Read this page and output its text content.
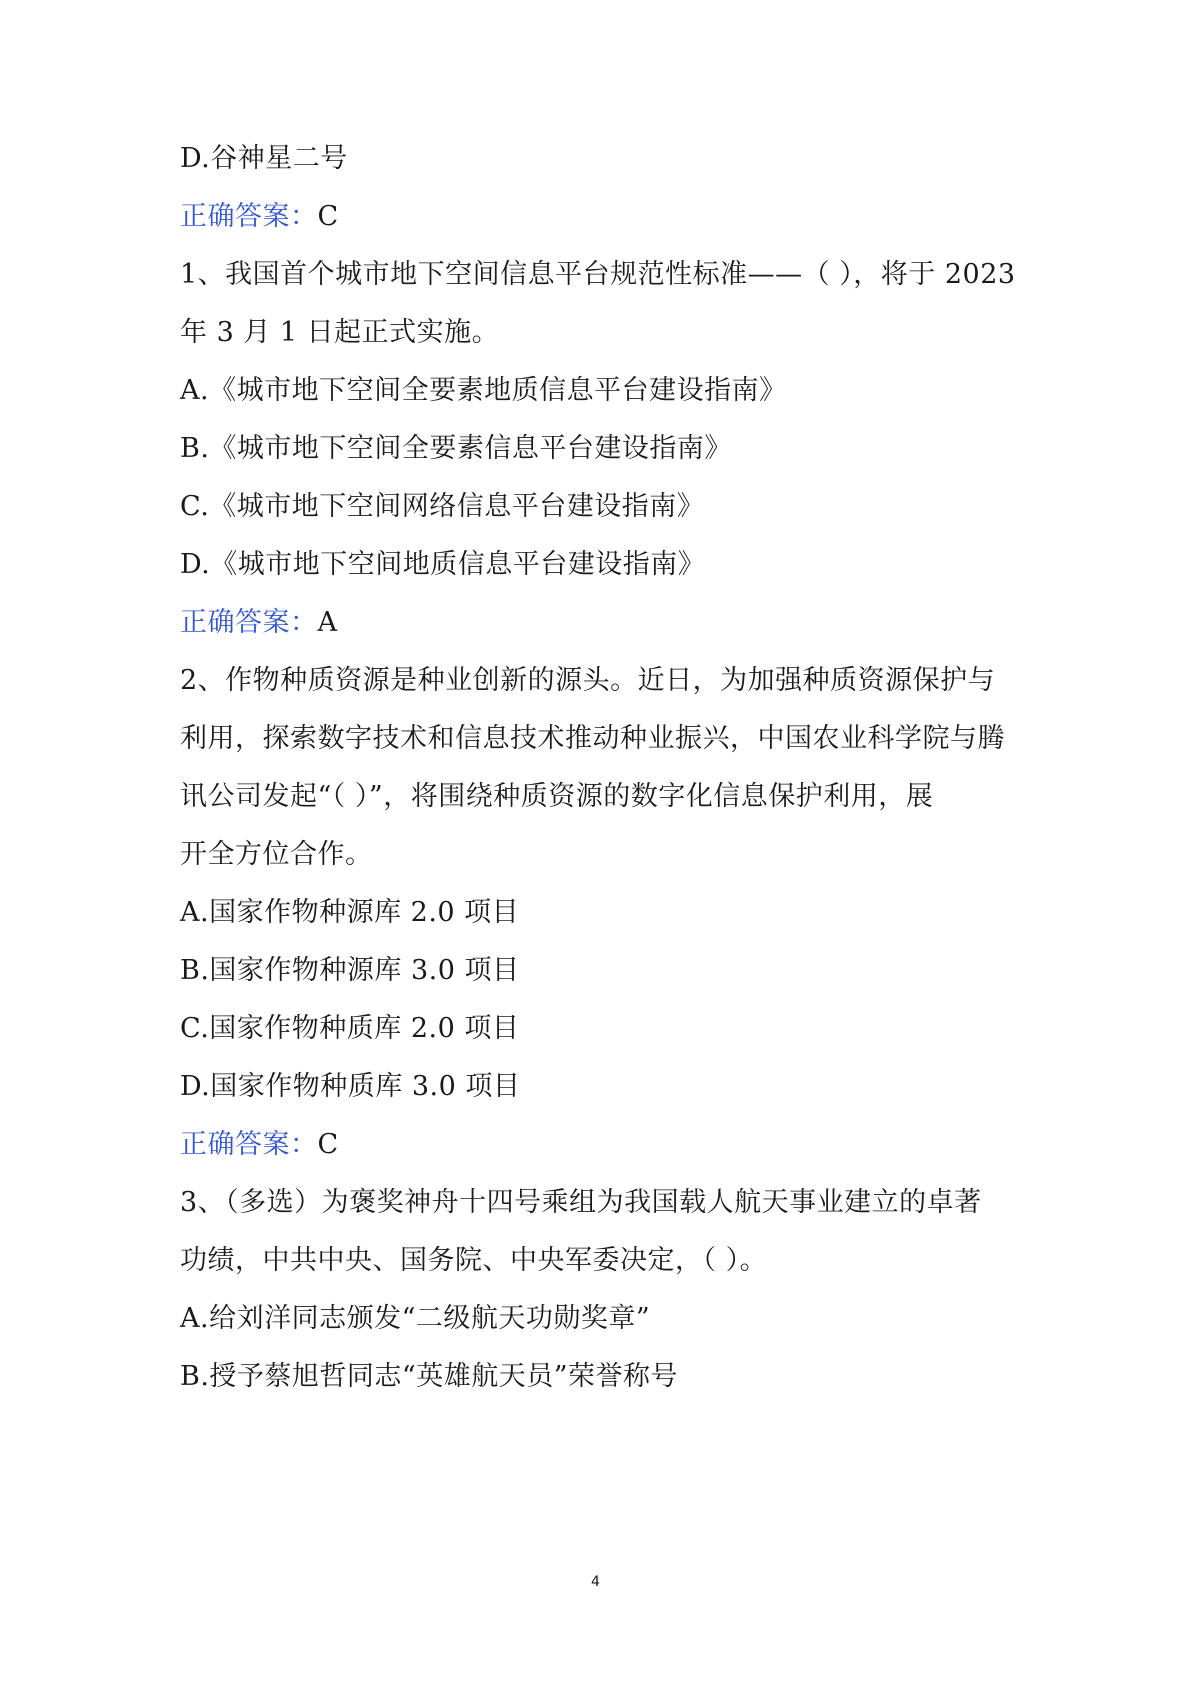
D.谷神星二号
正确答案：C
1、我国首个城市地下空间信息平台规范性标准——（ ），将于 2023
年 3 月 1 日起正式实施。
A.《城市地下空间全要素地质信息平台建设指南》
B.《城市地下空间全要素信息平台建设指南》
C.《城市地下空间网络信息平台建设指南》
D.《城市地下空间地质信息平台建设指南》
正确答案：A
2、作物种质资源是种业创新的源头。近日，为加强种质资源保护与
利用，探索数字技术和信息技术推动种业振兴，中国农业科学院与腾
讯公司发起“（ ）”，将围绕种质资源的数字化信息保护利用，展
开全方位合作。
A.国家作物种源库 2.0 项目
B.国家作物种源库 3.0 项目
C.国家作物种质库 2.0 项目
D.国家作物种质库 3.0 项目
正确答案：C
3、（多选）为褒奖神舟十四号乘组为我国载人航天事业建立的卓著
功绩，中共中央、国务院、中央军委决定，（ ）。
A.给刘洋同志颁发“二级航天功勋奖章”
B.授予蔡旭哲同志“英雄航天员”荣誉称号
4
